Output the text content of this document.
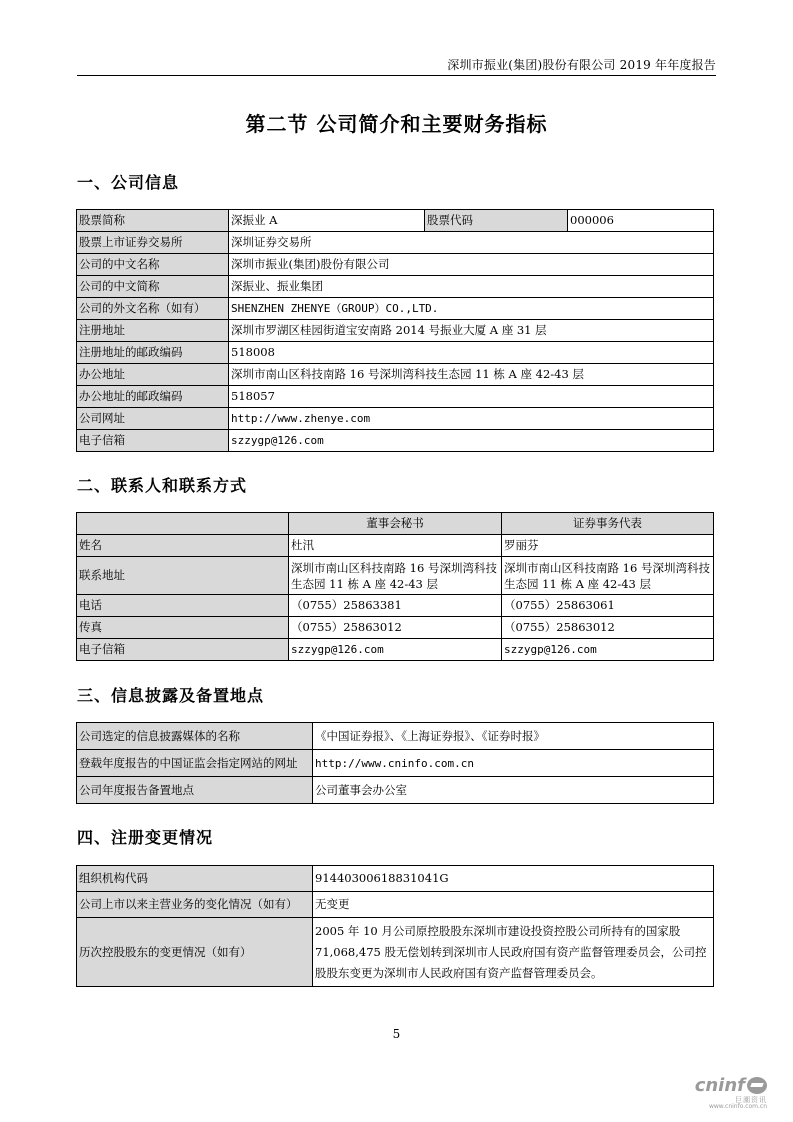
深圳市振业(集团)股份有限公司 2019 年年度报告
第二节 公司简介和主要财务指标
一、公司信息
股票简称	深振业 A	股票代码	000006
股票上市证券交易所	深圳证券交易所		
公司的中文名称	深圳市振业(集团)股份有限公司		
公司的中文简称	深振业、振业集团		
公司的外文名称（如有）	SHENZHEN ZHENYE（GROUP）CO.,LTD.		
注册地址	深圳市罗湖区桂园街道宝安南路 2014 号振业大厦 A 座 31 层		
注册地址的邮政编码	518008		
办公地址	深圳市南山区科技南路 16 号深圳湾科技生态园 11 栋 A 座 42-43 层		
办公地址的邮政编码	518057		
公司网址	http://www.zhenye.com		
电子信箱	szzygp@126.com		
二、联系人和联系方式
	董事会秘书	证券事务代表
姓名	杜汛	罗丽芬
联系地址	深圳市南山区科技南路 16 号深圳湾科技生态园 11 栋 A 座 42-43 层	深圳市南山区科技南路 16 号深圳湾科技生态园 11 栋 A 座 42-43 层
电话	（0755）25863381	（0755）25863061
传真	（0755）25863012	（0755）25863012
电子信箱	szzygp@126.com	szzygp@126.com
三、信息披露及备置地点
公司选定的信息披露媒体的名称	《中国证券报》、《上海证券报》、《证券时报》
登载年度报告的中国证监会指定网站的网址	http://www.cninfo.com.cn
公司年度报告备置地点	公司董事会办公室
四、注册变更情况
组织机构代码	91440300618831041G
公司上市以来主营业务的变化情况（如有）	无变更
历次控股股东的变更情况（如有）	2005 年 10 月公司原控股股东深圳市建设投资控股公司所持有的国家股 71,068,475 股无偿划转到深圳市人民政府国有资产监督管理委员会，公司控股股东变更为深圳市人民政府国有资产监督管理委员会。
5
cninf
巨潮资讯
www.cninfo.com.cn
